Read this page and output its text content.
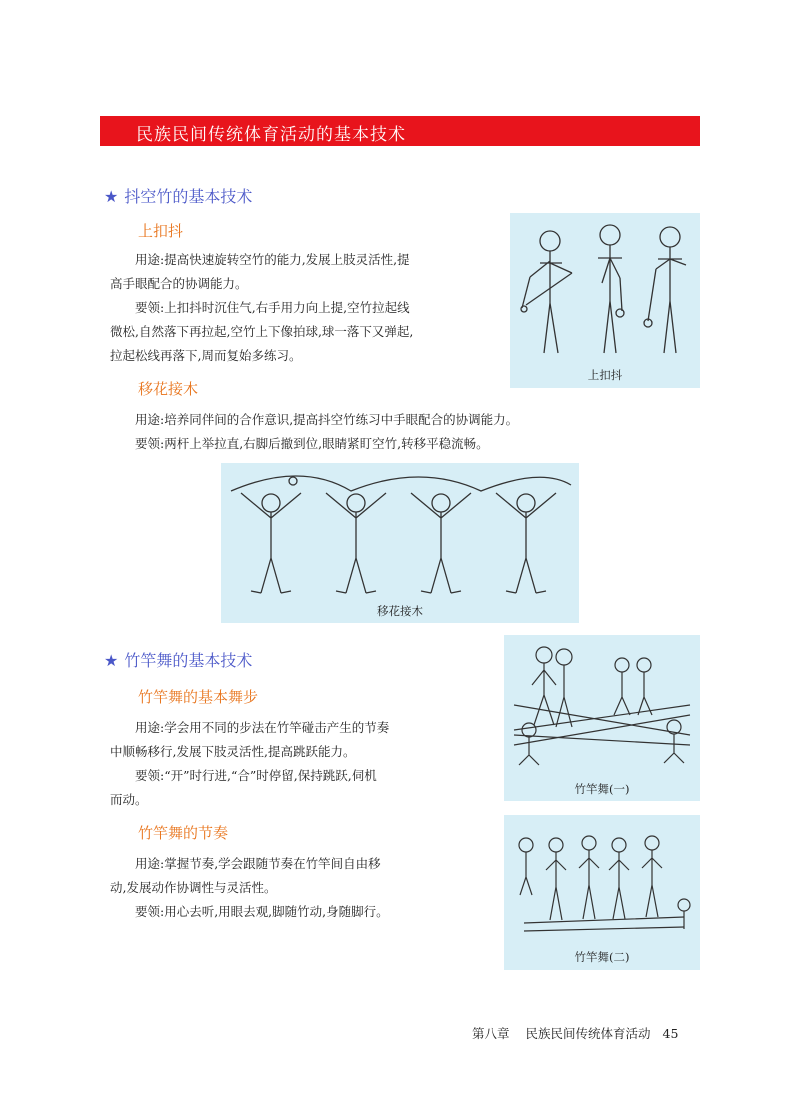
民族民间传统体育活动的基本技术
★ 抖空竹的基本技术
上扣抖

用途:提高快速旋转空竹的能力,发展上肢灵活性,提

高手眼配合的协调能力。

要领:上扣抖时沉住气,右手用力向上提,空竹拉起线

微松,自然落下再拉起,空竹上下像拍球,球一落下又弹起,

拉起松线再落下,周而复始多练习。

上扣抖
移花接木

用途:培养同伴间的合作意识,提高抖空竹练习中手眼配合的协调能力。

要领:两杆上举拉直,右脚后撤到位,眼睛紧盯空竹,转移平稳流畅。

移花接木
★ 竹竿舞的基本技术
竹竿舞的基本舞步

用途:学会用不同的步法在竹竿碰击产生的节奏

中顺畅移行,发展下肢灵活性,提高跳跃能力。

要领:“开”时行进,“合”时停留,保持跳跃,伺机

而动。

竹竿舞(一)
竹竿舞的节奏

用途:掌握节奏,学会跟随节奏在竹竿间自由移

动,发展动作协调性与灵活性。

要领:用心去听,用眼去观,脚随竹动,身随脚行。

竹竿舞(二)
第八章 民族民间传统体育活动 45
